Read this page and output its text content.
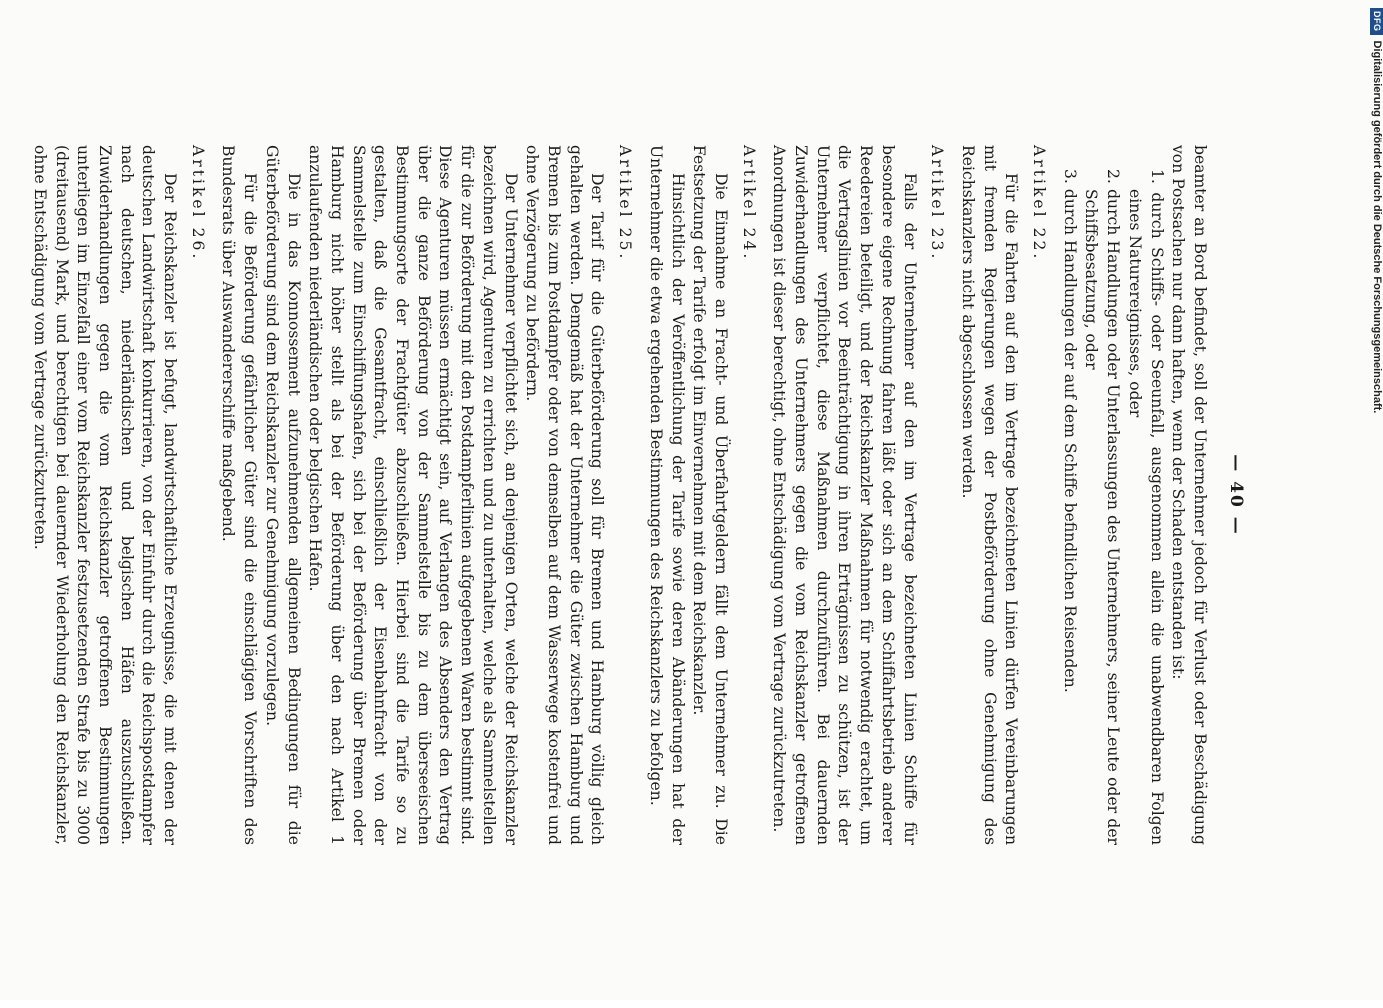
— 40 —

beamter an Bord befindet, soll der Unternehmer jedoch für Verlust oder Beschädigung von Postsachen nur dann haften, wenn der Schaden entstanden ist:

1. durch Schiffs- oder Seeunfall, ausgenommen allein die unabwendbaren Folgen eines Naturereignisses, oder

2. durch Handlungen oder Unterlassungen des Unternehmers, seiner Leute oder der Schiffsbesatzung, oder

3. durch Handlungen der auf dem Schiffe befindlichen Reisenden.

Artikel 22.

Für die Fahrten auf den im Vertrage bezeichneten Linien dürfen Vereinbarungen mit fremden Regierungen wegen der Postbeförderung ohne Genehmigung des Reichskanzlers nicht abgeschlossen werden.

Artikel 23.

Falls der Unternehmer auf den im Vertrage bezeichneten Linien Schiffe für besondere eigene Rechnung fahren läßt oder sich an dem Schiffahrtsbetrieb anderer Reedereien beteiligt, und der Reichskanzler Maßnahmen für notwendig erachtet, um die Vertragslinien vor Beeinträchtigung in ihren Erträgnissen zu schützen, ist der Unternehmer verpflichtet, diese Maßnahmen durchzuführen. Bei dauernden Zuwiderhandlungen des Unternehmers gegen die vom Reichskanzler getroffenen Anordnungen ist dieser berechtigt, ohne Entschädigung vom Vertrage zurückzutreten.

Artikel 24.

Die Einnahme an Fracht- und Überfahrtgeldern fällt dem Unternehmer zu. Die Festsetzung der Tarife erfolgt im Einvernehmen mit dem Reichskanzler.

Hinsichtlich der Veröffentlichung der Tarife sowie deren Abänderungen hat der Unternehmer die etwa ergehenden Bestimmungen des Reichskanzlers zu befolgen.

Artikel 25.

Der Tarif für die Güterbeförderung soll für Bremen und Hamburg völlig gleich gehalten werden. Demgemäß hat der Unternehmer die Güter zwischen Hamburg und Bremen bis zum Postdampfer oder von demselben auf dem Wasserwege kostenfrei und ohne Verzögerung zu befördern.

Der Unternehmer verpflichtet sich, an denjenigen Orten, welche der Reichskanzler bezeichnen wird, Agenturen zu errichten und zu unterhalten, welche als Sammelstellen für die zur Beförderung mit den Postdampferlinien aufgegebenen Waren bestimmt sind. Diese Agenturen müssen ermächtigt sein, auf Verlangen des Absenders den Vertrag über die ganze Beförderung von der Sammelstelle bis zu dem überseeischen Bestimmungsorte der Frachtgüter abzuschließen. Hierbei sind die Tarife so zu gestalten, daß die Gesamtfracht, einschließlich der Eisenbahnfracht von der Sammelstelle zum Einschiffungshafen, sich bei der Beförderung über Bremen oder Hamburg nicht höher stellt als bei der Beförderung über den nach Artikel 1 anzulaufenden niederländischen oder belgischen Hafen.

Die in das Konnossement aufzunehmenden allgemeinen Bedingungen für die Güterbeförderung sind dem Reichskanzler zur Genehmigung vorzulegen.

Für die Beförderung gefährlicher Güter sind die einschlägigen Vorschriften des Bundesrats über Auswandererschiffe maßgebend.

Artikel 26.

Der Reichskanzler ist befugt, landwirtschaftliche Erzeugnisse, die mit denen der deutschen Landwirtschaft konkurrieren, von der Einfuhr durch die Reichspostdampfer nach deutschen, niederländischen und belgischen Häfen auszuschließen. Zuwiderhandlungen gegen die vom Reichskanzler getroffenen Bestimmungen unterliegen im Einzelfall einer vom Reichskanzler festzusetzenden Strafe bis zu 3000 (dreitausend) Mark, und berechtigen bei dauernder Wiederholung den Reichskanzler, ohne Entschädigung vom Vertrage zurückzutreten.

DFG
Digitalisierung gefördert durch die Deutsche Forschungsgemeinschaft.
